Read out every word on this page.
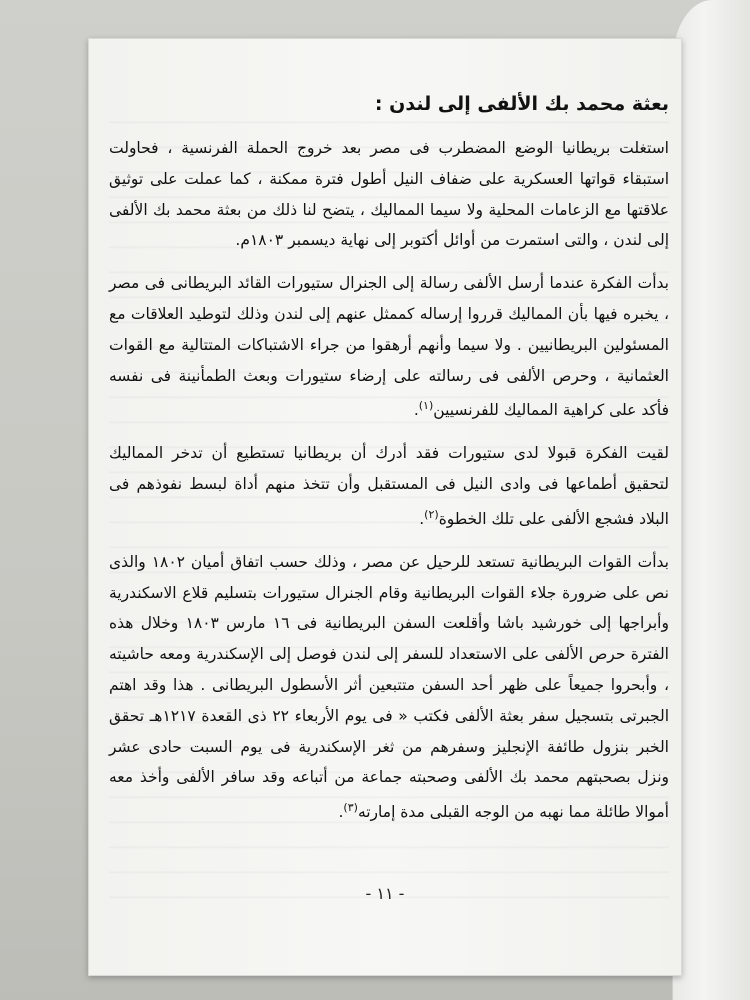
بعثة محمد بك الألفى إلى لندن :

استغلت بريطانيا الوضع المضطرب فى مصر بعد خروج الحملة الفرنسية ، فحاولت استبقاء قواتها العسكرية على ضفاف النيل أطول فترة ممكنة ، كما عملت على توثيق علاقتها مع الزعامات المحلية ولا سيما المماليك ، يتضح لنا ذلك من بعثة محمد بك الألفى إلى لندن ، والتى استمرت من أوائل أكتوبر إلى نهاية ديسمبر ١٨٠٣م.

بدأت الفكرة عندما أرسل الألفى رسالة إلى الجنرال ستيورات القائد البريطانى فى مصر ، يخبره فيها بأن المماليك قرروا إرساله كممثل عنهم إلى لندن وذلك لتوطيد العلاقات مع المسئولين البريطانيين . ولا سيما وأنهم أرهقوا من جراء الاشتباكات المتتالية مع القوات العثمانية ، وحرص الألفى فى رسالته على إرضاء ستيورات وبعث الطمأنينة فى نفسه فأكد على كراهية المماليك للفرنسيين$^{(١)}$.

لقيت الفكرة قبولا لدى ستيورات فقد أدرك أن بريطانيا تستطيع أن تدخر المماليك لتحقيق أطماعها فى وادى النيل فى المستقبل وأن تتخذ منهم أداة لبسط نفوذهم فى البلاد فشجع الألفى على تلك الخطوة$^{(٢)}$.

بدأت القوات البريطانية تستعد للرحيل عن مصر ، وذلك حسب اتفاق أميان ١٨٠٢ والذى نص على ضرورة جلاء القوات البريطانية وقام الجنرال ستيورات بتسليم قلاع الاسكندرية وأبراجها إلى خورشيد باشا وأقلعت السفن البريطانية فى ١٦ مارس ١٨٠٣ وخلال هذه الفترة حرص الألفى على الاستعداد للسفر إلى لندن فوصل إلى الإسكندرية ومعه حاشيته ، وأبحروا جميعاً على ظهر أحد السفن متتبعين أثر الأسطول البريطانى . هذا وقد اهتم الجبرتى بتسجيل سفر بعثة الألفى فكتب « فى يوم الأربعاء ٢٢ ذى القعدة ١٢١٧هـ تحقق الخبر بنزول طائفة الإنجليز وسفرهم من ثغر الإسكندرية فى يوم السبت حادى عشر ونزل بصحبتهم محمد بك الألفى وصحبته جماعة من أتباعه وقد سافر الألفى وأخذ معه أموالا طائلة مما نهبه من الوجه القبلى مدة إمارته$^{(٣)}$.

- ١١ -
